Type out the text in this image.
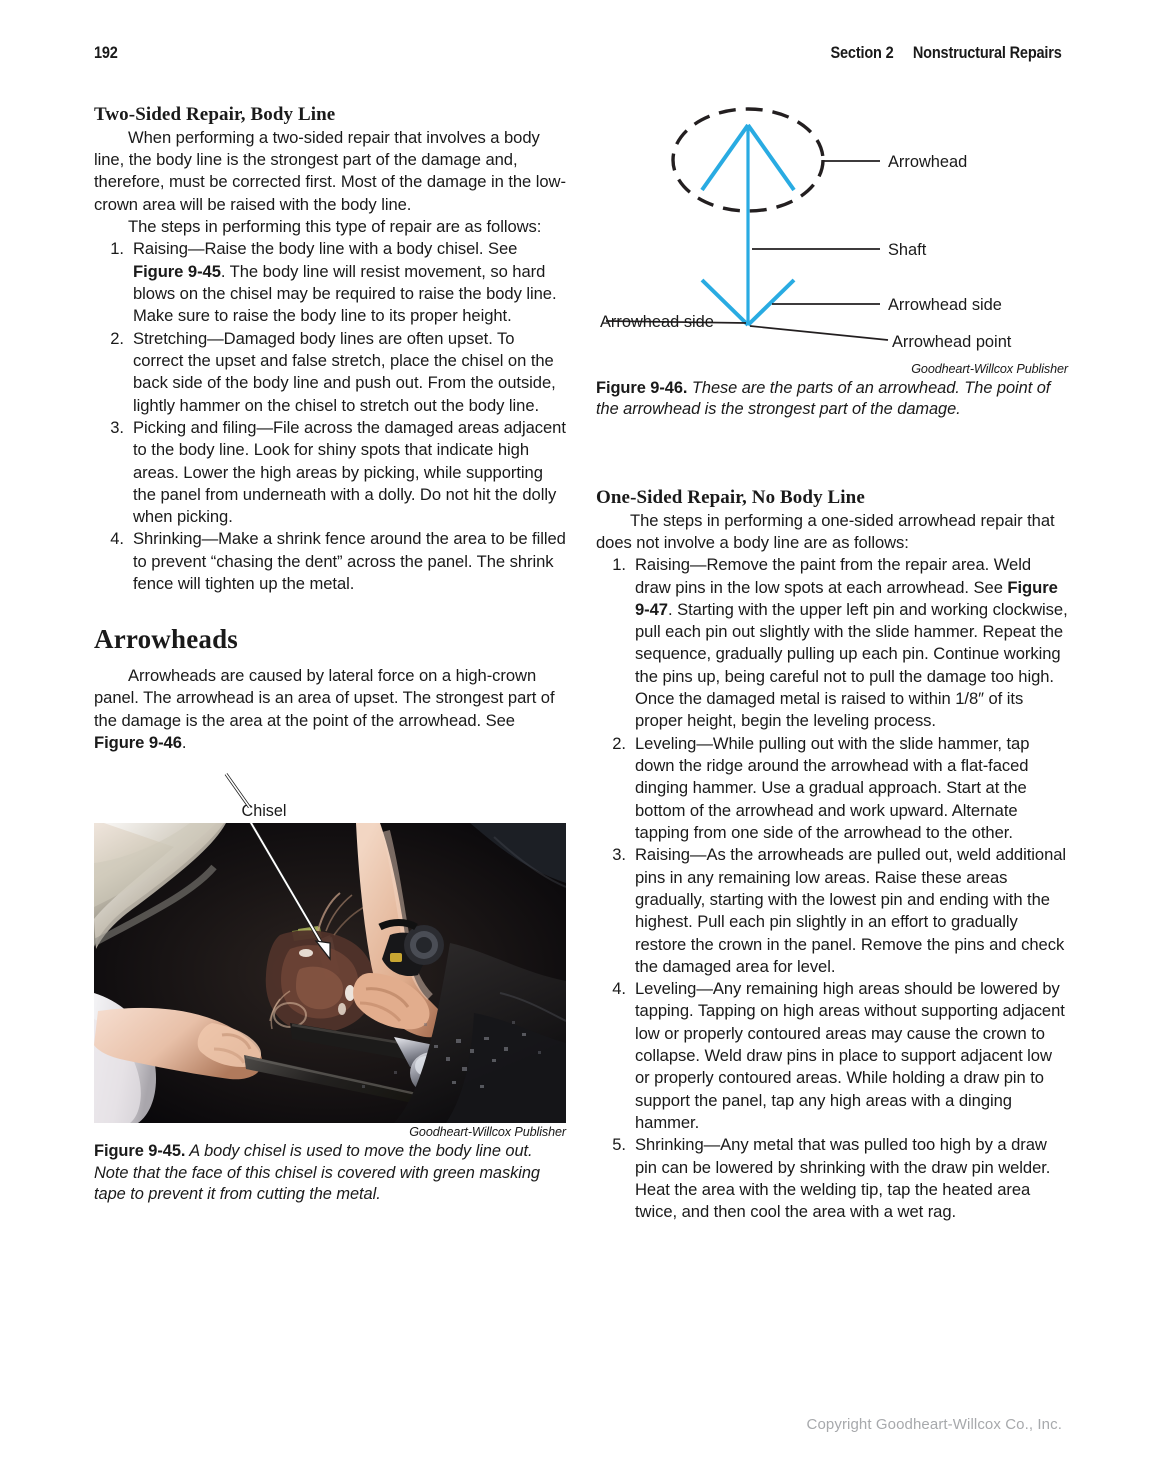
192	Section 2 Nonstructural Repairs
Two-Sided Repair, Body Line

When performing a two-sided repair that involves a body line, the body line is the strongest part of the damage and, therefore, must be corrected first. Most of the damage in the low-crown area will be raised with the body line.

The steps in performing this type of repair are as follows:

1. Raising—Raise the body line with a body chisel. See Figure 9-45. The body line will resist movement, so hard blows on the chisel may be required to raise the body line. Make sure to raise the body line to its proper height.
2. Stretching—Damaged body lines are often upset. To correct the upset and false stretch, place the chisel on the back side of the body line and push out. From the outside, lightly hammer on the chisel to stretch out the body line.
3. Picking and filing—File across the damaged areas adjacent to the body line. Look for shiny spots that indicate high areas. Lower the high areas by picking, while supporting the panel from underneath with a dolly. Do not hit the dolly when picking.
4. Shrinking—Make a shrink fence around the area to be filled to prevent “chasing the dent” across the panel. The shrink fence will tighten up the metal.
Arrowheads

Arrowheads are caused by lateral force on a high-crown panel. The arrowhead is an area of upset. The strongest part of the damage is the area at the point of the arrowhead. See Figure 9-46.

Chisel
Goodheart-Willcox Publisher
Figure 9-45. A body chisel is used to move the body line out. Note that the face of this chisel is covered with green masking tape to prevent it from cutting the metal.
Arrowhead
Shaft
Arrowhead side
Arrowhead side
Arrowhead point
Goodheart-Willcox Publisher
Figure 9-46. These are the parts of an arrowhead. The point of the arrowhead is the strongest part of the damage.
One-Sided Repair, No Body Line

The steps in performing a one-sided arrowhead repair that does not involve a body line are as follows:

1. Raising—Remove the paint from the repair area. Weld draw pins in the low spots at each arrowhead. See Figure 9-47. Starting with the upper left pin and working clockwise, pull each pin out slightly with the slide hammer. Repeat the sequence, gradually pulling up each pin. Continue working the pins up, being careful not to pull the damage too high. Once the damaged metal is raised to within 1/8″ of its proper height, begin the leveling process.
2. Leveling—While pulling out with the slide hammer, tap down the ridge around the arrowhead with a flat-faced dinging hammer. Use a gradual approach. Start at the bottom of the arrowhead and work upward. Alternate tapping from one side of the arrowhead to the other.
3. Raising—As the arrowheads are pulled out, weld additional pins in any remaining low areas. Raise these areas gradually, starting with the lowest pin and ending with the highest. Pull each pin slightly in an effort to gradually restore the crown in the panel. Remove the pins and check the damaged area for level.
4. Leveling—Any remaining high areas should be lowered by tapping. Tapping on high areas without supporting adjacent low or properly contoured areas may cause the crown to collapse. Weld draw pins in place to support adjacent low or properly contoured areas. While holding a draw pin to support the panel, tap any high areas with a dinging hammer.
5. Shrinking—Any metal that was pulled too high by a draw pin can be lowered by shrinking with the draw pin welder. Heat the area with the welding tip, tap the heated area twice, and then cool the area with a wet rag.
Copyright Goodheart-Willcox Co., Inc.
